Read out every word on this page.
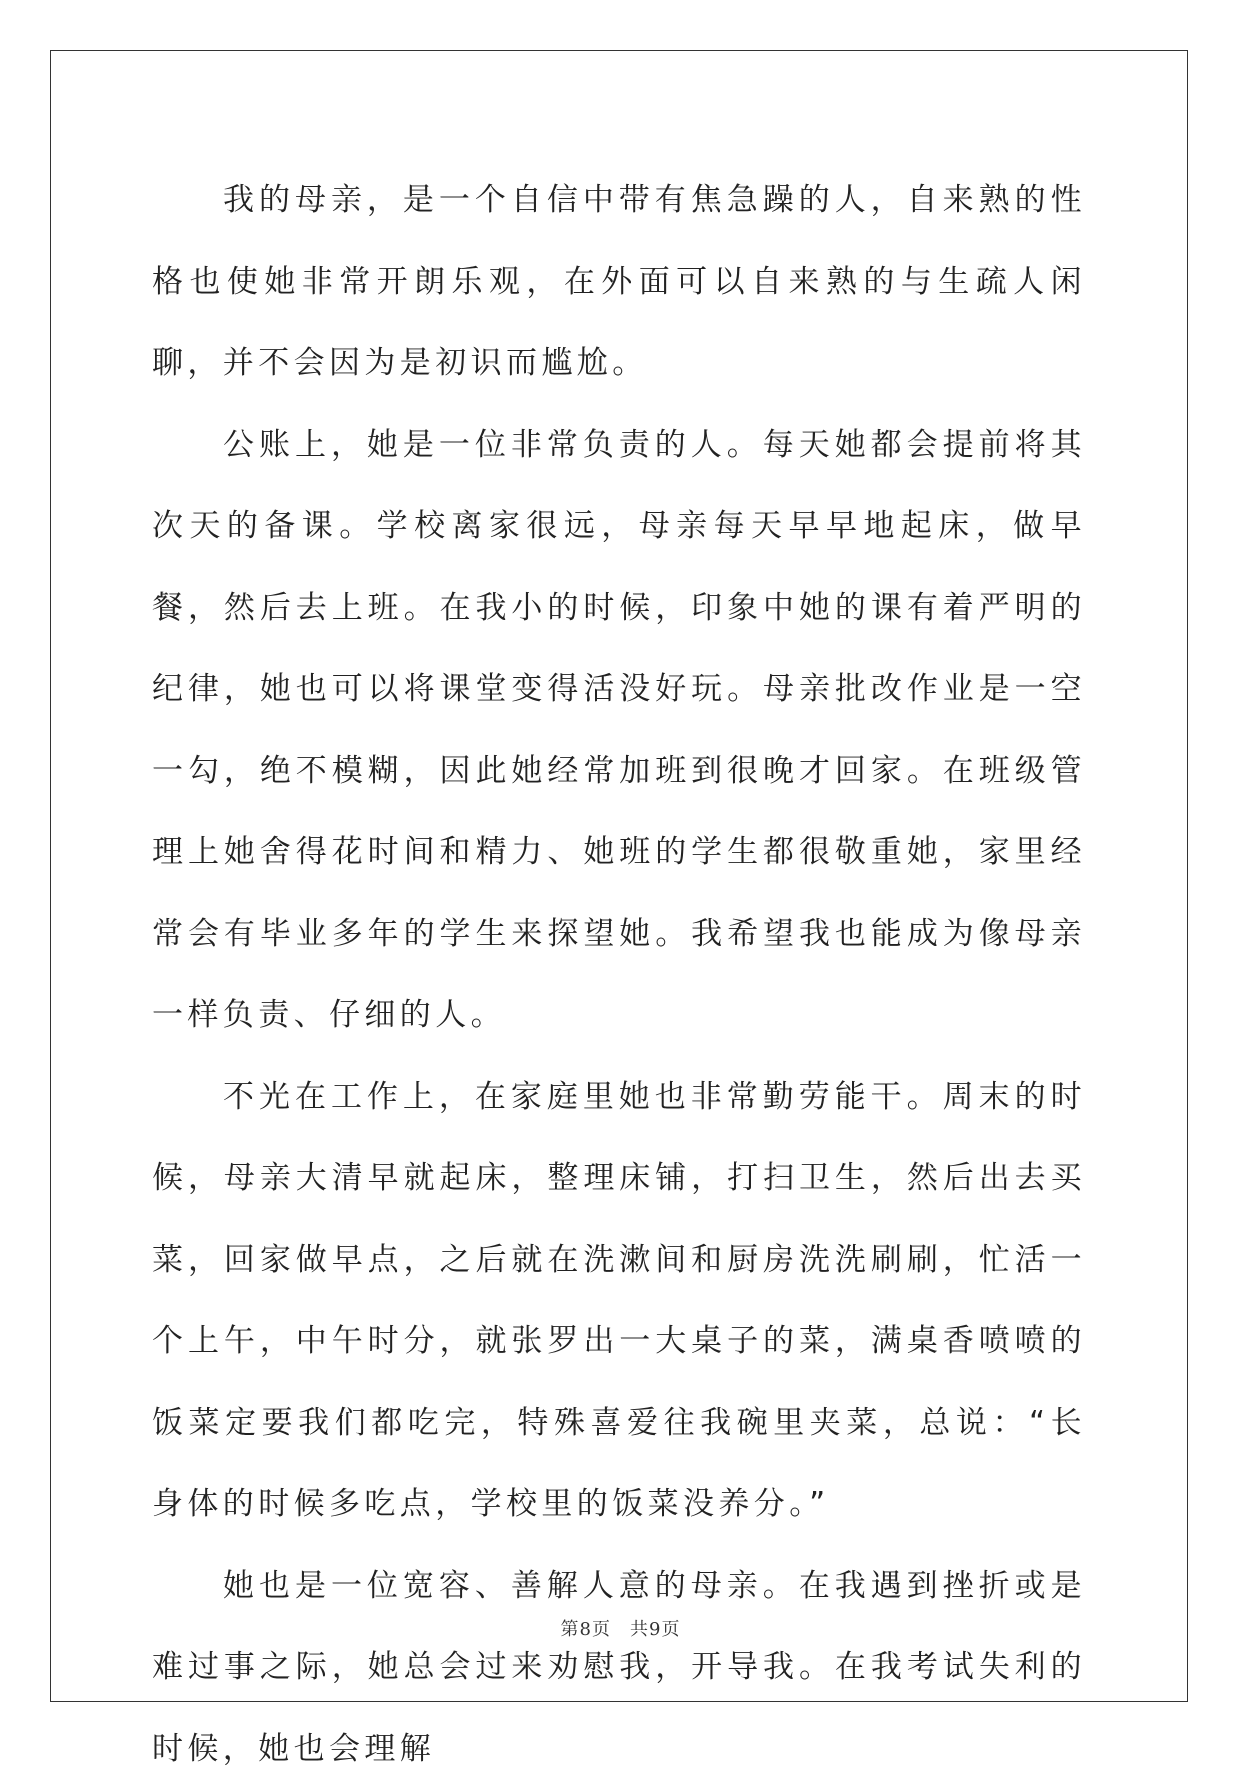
我的母亲，是一个自信中带有焦急躁的人，自来熟的性格也使她非常开朗乐观，在外面可以自来熟的与生疏人闲聊，并不会因为是初识而尴尬。

公账上，她是一位非常负责的人。每天她都会提前将其次天的备课。学校离家很远，母亲每天早早地起床，做早餐，然后去上班。在我小的时候，印象中她的课有着严明的纪律，她也可以将课堂变得活没好玩。母亲批改作业是一空一勾，绝不模糊，因此她经常加班到很晚才回家。在班级管理上她舍得花时间和精力、她班的学生都很敬重她，家里经常会有毕业多年的学生来探望她。我希望我也能成为像母亲一样负责、仔细的人。

不光在工作上，在家庭里她也非常勤劳能干。周末的时候，母亲大清早就起床，整理床铺，打扫卫生，然后出去买菜，回家做早点，之后就在洗漱间和厨房洗洗刷刷，忙活一个上午，中午时分，就张罗出一大桌子的菜，满桌香喷喷的饭菜定要我们都吃完，特殊喜爱往我碗里夹菜，总说：“长身体的时候多吃点，学校里的饭菜没养分。”

她也是一位宽容、善解人意的母亲。在我遇到挫折或是难过事之际，她总会过来劝慰我，开导我。在我考试失利的时候，她也会理解

第8页　共9页
